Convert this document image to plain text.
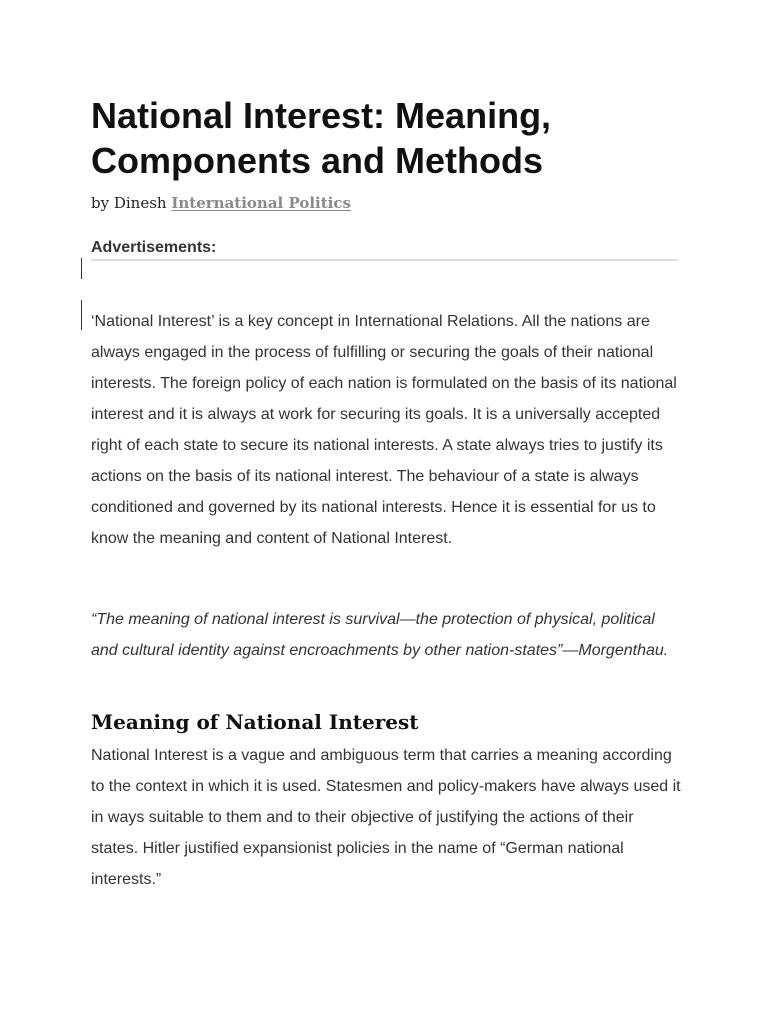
National Interest: Meaning, Components and Methods
by Dinesh International Politics
Advertisements:

‘National Interest’ is a key concept in International Relations. All the nations are always engaged in the process of fulfilling or securing the goals of their national interests. The foreign policy of each nation is formulated on the basis of its national interest and it is always at work for securing its goals. It is a universally accepted right of each state to secure its national interests. A state always tries to justify its actions on the basis of its national interest. The behaviour of a state is always conditioned and governed by its national interests. Hence it is essential for us to know the meaning and content of National Interest.

“The meaning of national interest is survival—the protection of physical, political and cultural identity against encroachments by other nation-states”—Morgenthau.

Meaning of National Interest

National Interest is a vague and ambiguous term that carries a meaning according to the context in which it is used. Statesmen and policy-makers have always used it in ways suitable to them and to their objective of justifying the actions of their states. Hitler justified expansionist policies in the name of “German national interests.”
